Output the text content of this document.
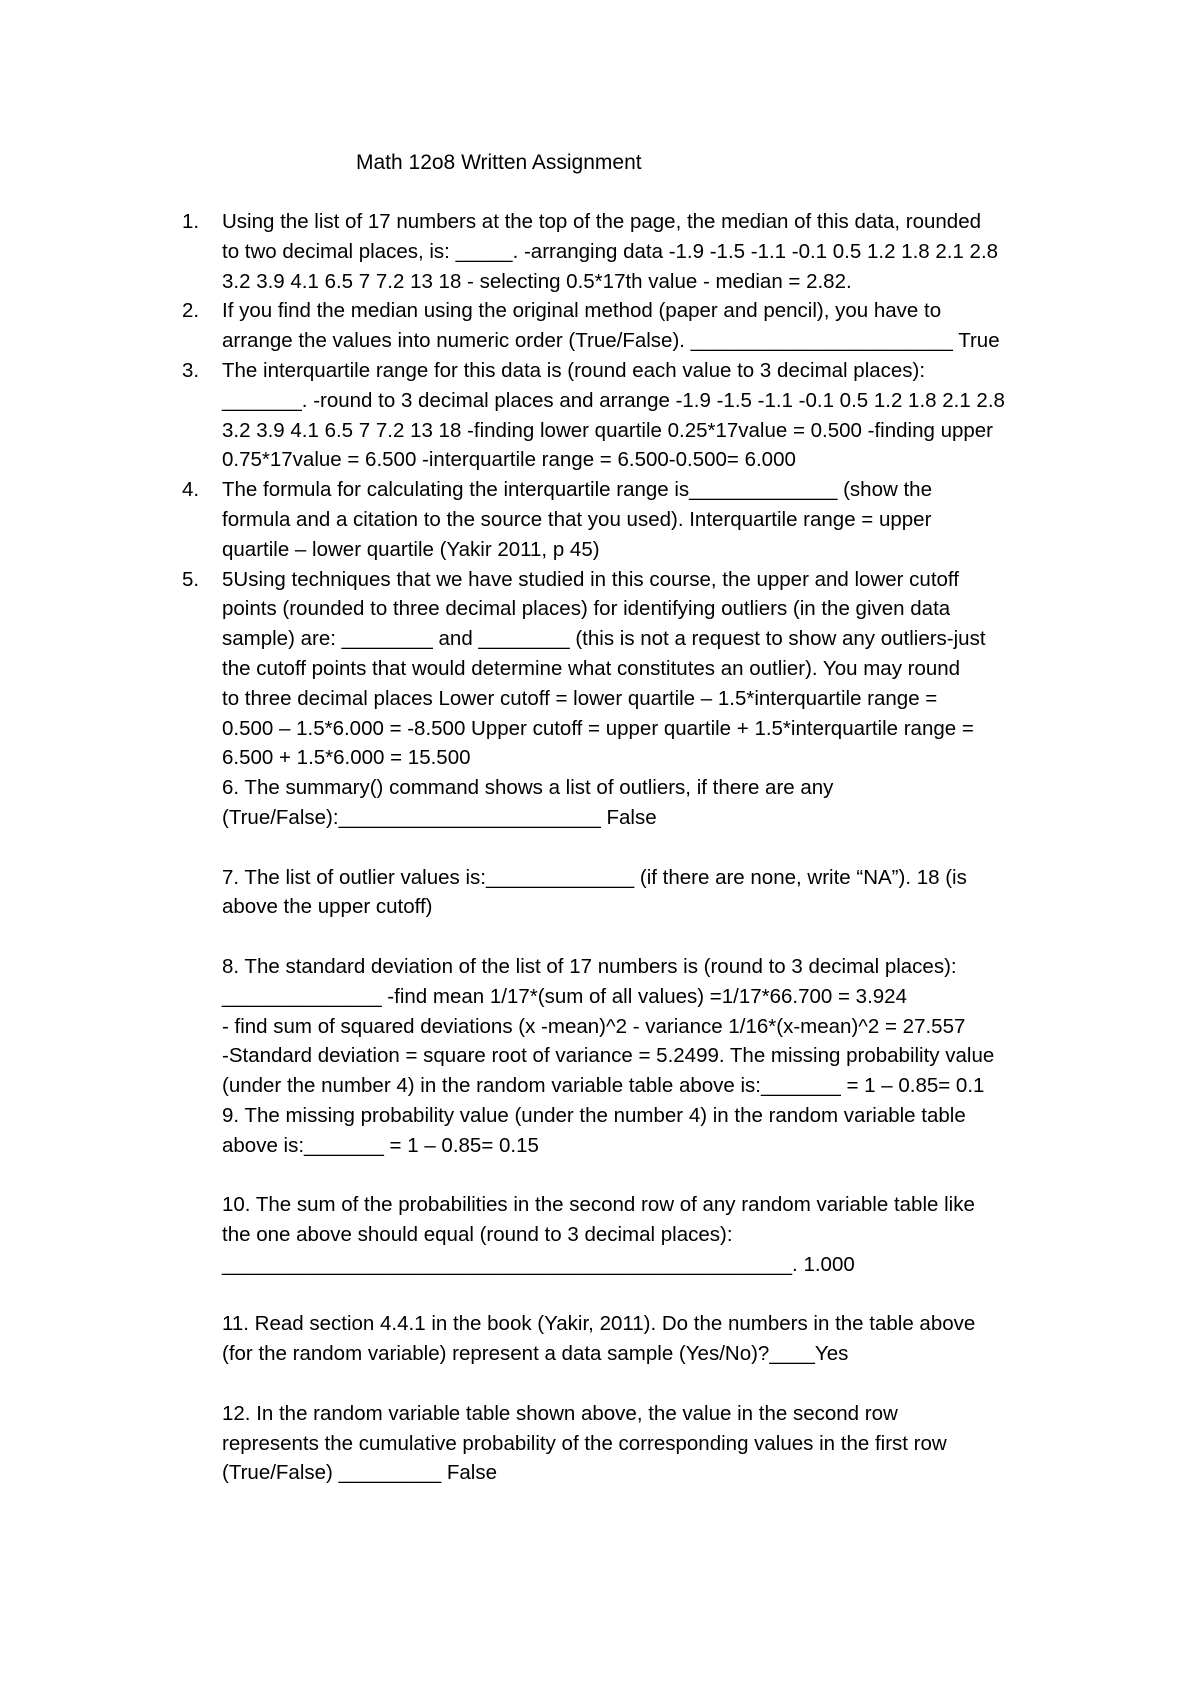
Math 12o8 Written Assignment
1. Using the list of 17 numbers at the top of the page, the median of this data, rounded
to two decimal places, is: _____. -arranging data -1.9 -1.5 -1.1 -0.1 0.5 1.2 1.8 2.1 2.8
3.2 3.9 4.1 6.5 7 7.2 13 18 - selecting 0.5*17th value - median = 2.82.
2. If you find the median using the original method (paper and pencil), you have to
arrange the values into numeric order (True/False). _______________________ True
3. The interquartile range for this data is (round each value to 3 decimal places):
_______. -round to 3 decimal places and arrange -1.9 -1.5 -1.1 -0.1 0.5 1.2 1.8 2.1 2.8
3.2 3.9 4.1 6.5 7 7.2 13 18 -finding lower quartile 0.25*17value = 0.500 -finding upper
0.75*17value = 6.500 -interquartile range = 6.500-0.500= 6.000
4. The formula for calculating the interquartile range is_____________ (show the
formula and a citation to the source that you used). Interquartile range = upper
quartile – lower quartile (Yakir 2011, p 45)
5. 5Using techniques that we have studied in this course, the upper and lower cutoff
points (rounded to three decimal places) for identifying outliers (in the given data
sample) are: ________ and ________ (this is not a request to show any outliers-just
the cutoff points that would determine what constitutes an outlier). You may round
to three decimal places Lower cutoff = lower quartile – 1.5*interquartile range =
0.500 – 1.5*6.000 = -8.500 Upper cutoff = upper quartile + 1.5*interquartile range =
6.500 + 1.5*6.000 = 15.500
6. The summary() command shows a list of outliers, if there are any
(True/False):_______________________ False
7. The list of outlier values is:_____________ (if there are none, write “NA”). 18 (is
above the upper cutoff)
8. The standard deviation of the list of 17 numbers is (round to 3 decimal places):
______________ -find mean 1/17*(sum of all values) =1/17*66.700 = 3.924
- find sum of squared deviations (x -mean)^2 - variance 1/16*(x-mean)^2 = 27.557
-Standard deviation = square root of variance = 5.2499. The missing probability value
(under the number 4) in the random variable table above is:_______ = 1 – 0.85= 0.1
9. The missing probability value (under the number 4) in the random variable table
above is:_______ = 1 – 0.85= 0.15
10. The sum of the probabilities in the second row of any random variable table like
the one above should equal (round to 3 decimal places):
__________________________________________________. 1.000
11. Read section 4.4.1 in the book (Yakir, 2011). Do the numbers in the table above
(for the random variable) represent a data sample (Yes/No)?____Yes
12. In the random variable table shown above, the value in the second row
represents the cumulative probability of the corresponding values in the first row
(True/False) _________ False
